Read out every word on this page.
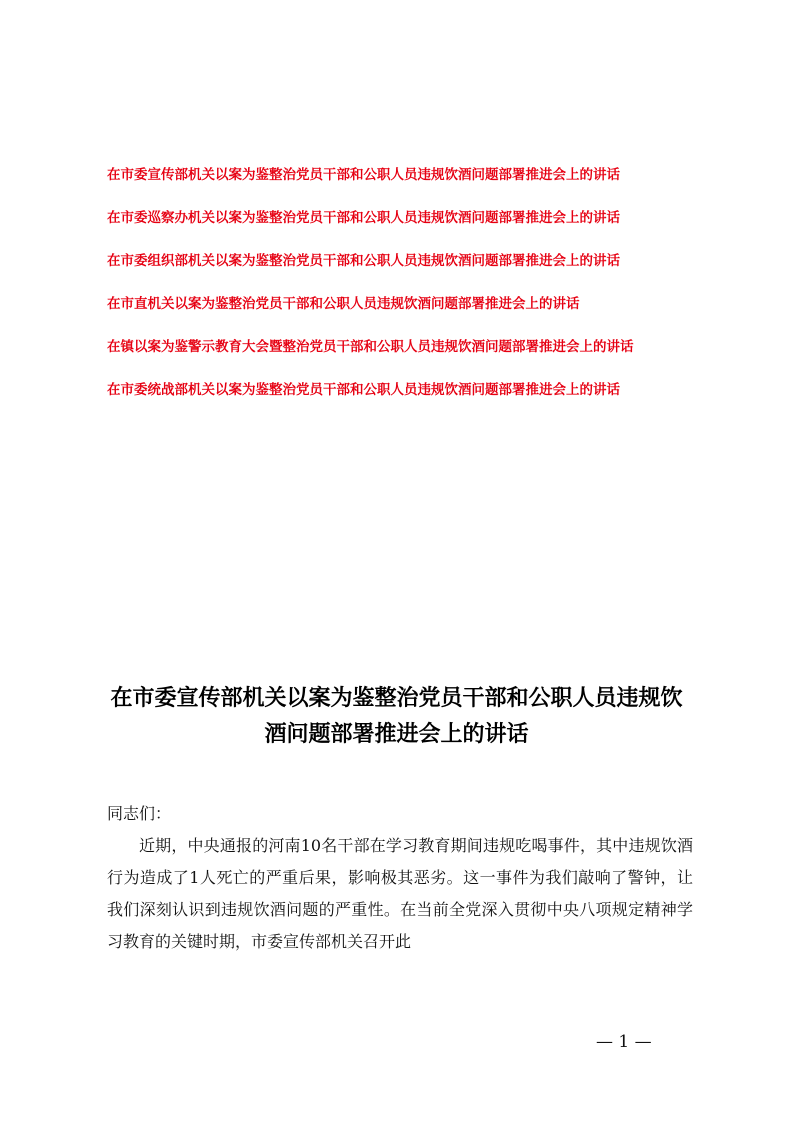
在市委宣传部机关以案为鉴整治党员干部和公职人员违规饮酒问题部署推进会上的讲话
在市委巡察办机关以案为鉴整治党员干部和公职人员违规饮酒问题部署推进会上的讲话
在市委组织部机关以案为鉴整治党员干部和公职人员违规饮酒问题部署推进会上的讲话
在市直机关以案为鉴整治党员干部和公职人员违规饮酒问题部署推进会上的讲话
在镇以案为鉴警示教育大会暨整治党员干部和公职人员违规饮酒问题部署推进会上的讲话
在市委统战部机关以案为鉴整治党员干部和公职人员违规饮酒问题部署推进会上的讲话
在市委宣传部机关以案为鉴整治党员干部和公职人员违规饮酒问题部署推进会上的讲话

同志们：

近期，中央通报的河南10名干部在学习教育期间违规吃喝事件，其中违规饮酒行为造成了1人死亡的严重后果，影响极其恶劣。这一事件为我们敲响了警钟，让我们深刻认识到违规饮酒问题的严重性。在当前全党深入贯彻中央八项规定精神学习教育的关键时期，市委宣传部机关召开此

— 1 —
